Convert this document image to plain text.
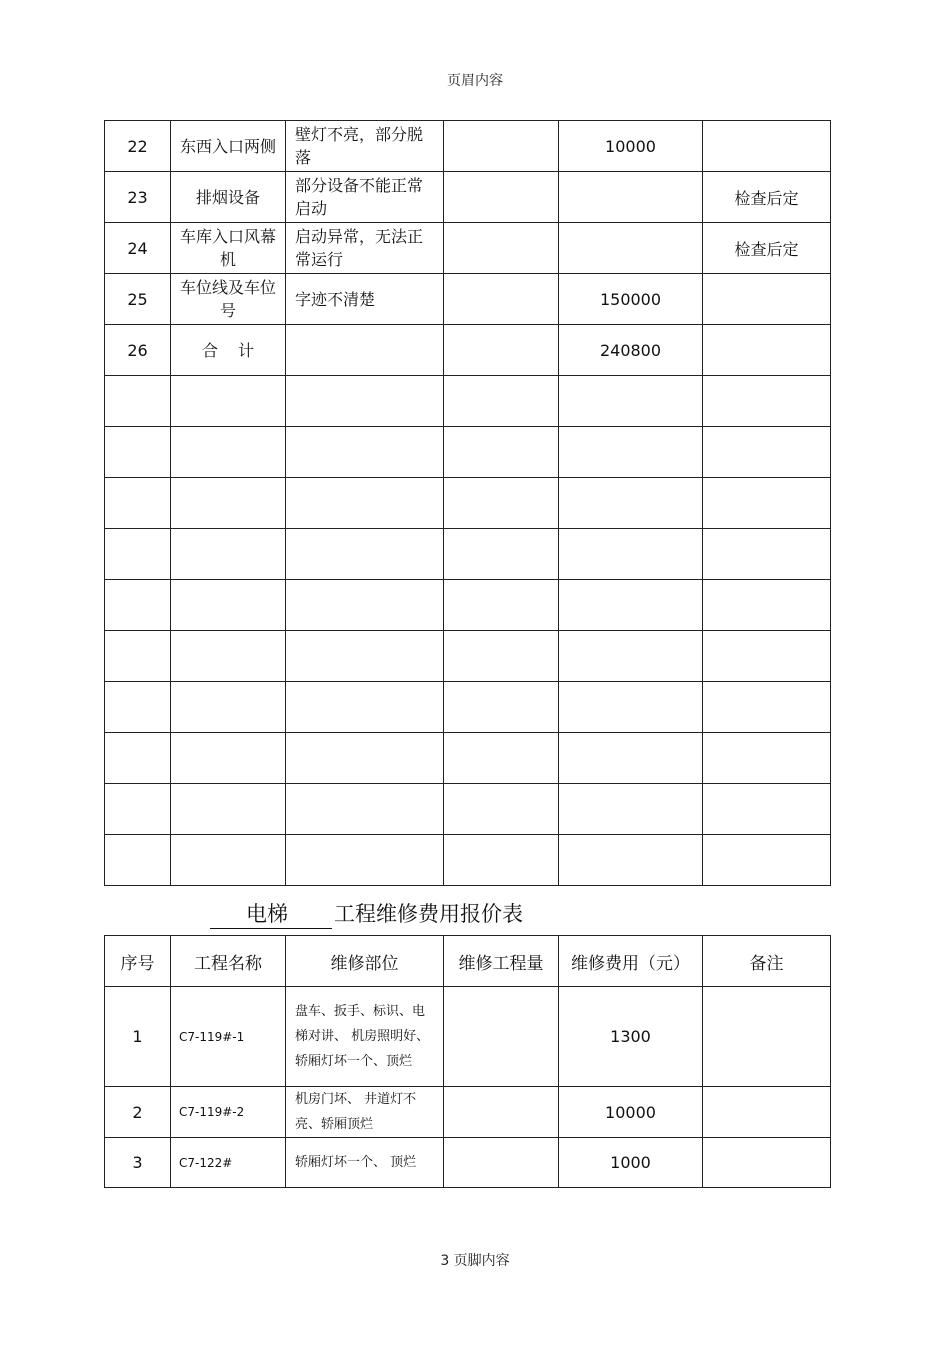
页眉内容
22	东西入口两侧	壁灯不亮，部分脱落		10000	
23	排烟设备	部分设备不能正常启动			检查后定
24	车库入口风幕机	启动异常，无法正常运行			检查后定
25	车位线及车位号	字迹不清楚		150000	
26	合计			240800	

电梯 工程维修费用报价表
序号	工程名称	维修部位	维修工程量	维修费用（元）	备注
1	C7-119#-1	盘车、扳手、标识、电梯对讲、 机房照明好、轿厢灯坏一个、顶烂		1300	
2	C7-119#-2	机房门坏、 井道灯不亮、轿厢顶烂		10000	
3	C7-122#	轿厢灯坏一个、 顶烂		1000	
3 页脚内容
